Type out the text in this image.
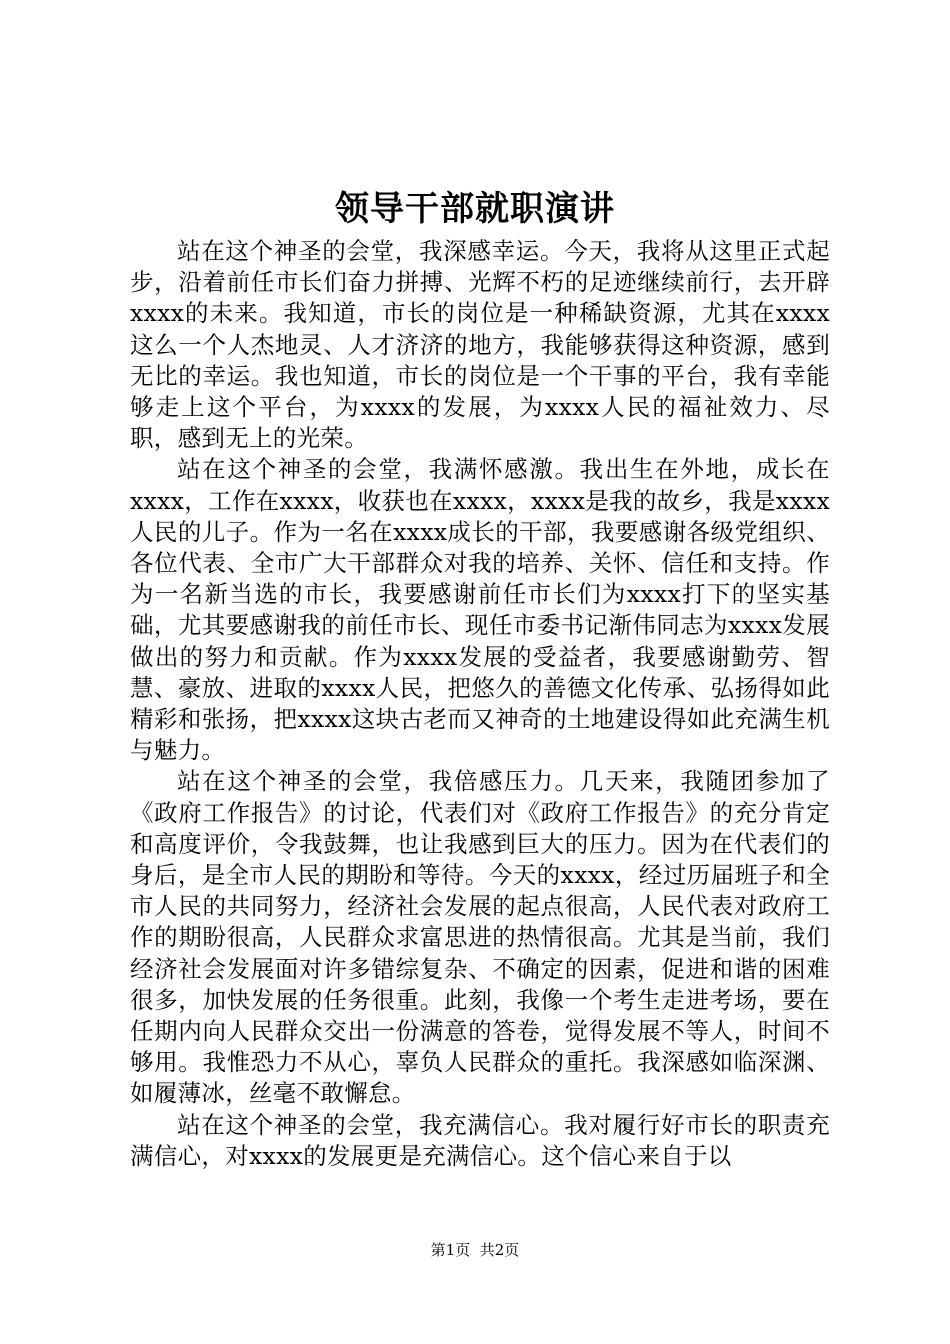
领导干部就职演讲

站在这个神圣的会堂，我深感幸运。今天，我将从这里正式起步，沿着前任市长们奋力拼搏、光辉不朽的足迹继续前行，去开辟xxxx的未来。我知道，市长的岗位是一种稀缺资源，尤其在xxxx这么一个人杰地灵、人才济济的地方，我能够获得这种资源，感到无比的幸运。我也知道，市长的岗位是一个干事的平台，我有幸能够走上这个平台，为xxxx的发展，为xxxx人民的福祉效力、尽职，感到无上的光荣。

站在这个神圣的会堂，我满怀感激。我出生在外地，成长在xxxx，工作在xxxx，收获也在xxxx，xxxx是我的故乡，我是xxxx人民的儿子。作为一名在xxxx成长的干部，我要感谢各级党组织、各位代表、全市广大干部群众对我的培养、关怀、信任和支持。作为一名新当选的市长，我要感谢前任市长们为xxxx打下的坚实基础，尤其要感谢我的前任市长、现任市委书记渐伟同志为xxxx发展做出的努力和贡献。作为xxxx发展的受益者，我要感谢勤劳、智慧、豪放、进取的xxxx人民，把悠久的善德文化传承、弘扬得如此精彩和张扬，把xxxx这块古老而又神奇的土地建设得如此充满生机与魅力。

站在这个神圣的会堂，我倍感压力。几天来，我随团参加了《政府工作报告》的讨论，代表们对《政府工作报告》的充分肯定和高度评价，令我鼓舞，也让我感到巨大的压力。因为在代表们的身后，是全市人民的期盼和等待。今天的xxxx，经过历届班子和全市人民的共同努力，经济社会发展的起点很高，人民代表对政府工作的期盼很高，人民群众求富思进的热情很高。尤其是当前，我们经济社会发展面对许多错综复杂、不确定的因素，促进和谐的困难很多，加快发展的任务很重。此刻，我像一个考生走进考场，要在任期内向人民群众交出一份满意的答卷，觉得发展不等人，时间不够用。我惟恐力不从心，辜负人民群众的重托。我深感如临深渊、如履薄冰，丝毫不敢懈怠。

站在这个神圣的会堂，我充满信心。我对履行好市长的职责充满信心，对xxxx的发展更是充满信心。这个信心来自于以

第1页 共2页
